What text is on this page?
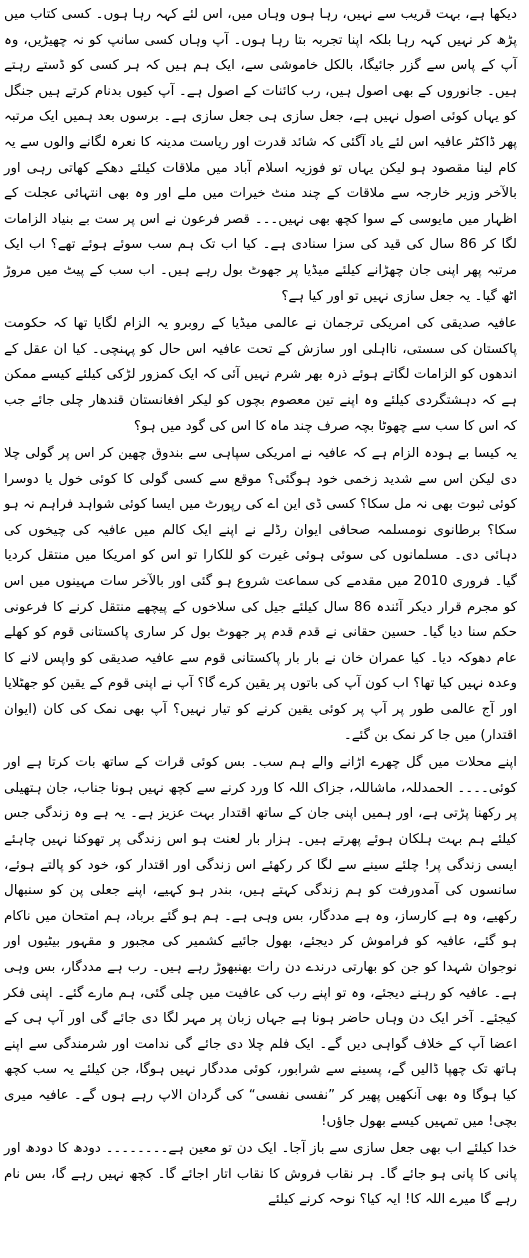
دیکھا ہے، بہت قریب سے نہیں، رہا ہوں وہاں میں، اس لئے کہہ رہا ہوں۔ کسی کتاب میں پڑھ کر نہیں کہہ رہا بلکہ اپنا تجربہ بتا رہا ہوں۔ آپ وہاں کسی سانپ کو نہ چھیڑیں، وہ آپ کے پاس سے گزر جائیگا، بالکل خاموشی سے، ایک ہم ہیں کہ ہر کسی کو ڈستے رہتے ہیں۔ جانوروں کے بھی اصول ہیں، رب کائنات کے اصول ہے۔ آپ کیوں بدنام کرتے ہیں جنگل کو یہاں کوئی اصول نہیں ہے، جعل سازی ہی جعل سازی ہے۔ برسوں بعد ہمیں ایک مرتبہ پھر ڈاکٹر عافیہ اس لئے یاد آگئی کہ شائد قدرت اور ریاست مدینہ کا نعرہ لگانے والوں سے یہ کام لینا مقصود ہو لیکن یہاں تو فوزیہ اسلام آباد میں ملاقات کیلئے دھکے کھاتی رہی اور بالآخر وزیر خارجہ سے ملاقات کے چند منٹ خیرات میں ملے اور وہ بھی انتہائی عجلت کے اظہار میں مایوسی کے سوا کچھ بھی نہیں۔۔۔ قصر فرعون نے اس پر ست بے بنیاد الزامات لگا کر 86 سال کی قید کی سزا سنادی ہے۔ کیا اب تک ہم سب سوئے ہوئے تھے؟ اب ایک مرتبہ پھر اپنی جان چھڑانے کیلئے میڈیا پر جھوٹ بول رہے ہیں۔ اب سب کے پیٹ میں مروڑ اٹھ گیا۔ یہ جعل سازی نہیں تو اور کیا ہے؟

عافیہ صدیقی کی امریکی ترجمان نے عالمی میڈیا کے روبرو یہ الزام لگایا تھا کہ حکومت پاکستان کی سستی، نااہلی اور سازش کے تحت عافیہ اس حال کو پہنچی۔ کیا ان عقل کے اندھوں کو الزامات لگاتے ہوئے ذرہ بھر شرم نہیں آئی کہ ایک کمزور لڑکی کیلئے کیسے ممکن ہے کہ دہشتگردی کیلئے وہ اپنے تین معصوم بچوں کو لیکر افغانستان قندھار چلی جائے جب کہ اس کا سب سے چھوٹا بچہ صرف چند ماہ کا اس کی گود میں ہو؟

یہ کیسا بے ہودہ الزام ہے کہ عافیہ نے امریکی سپاہی سے بندوق چھین کر اس پر گولی چلا دی لیکن اس سے شدید زخمی خود ہوگئی؟ موقع سے کسی گولی کا کوئی خول یا دوسرا کوئی ثبوت بھی نہ مل سکا؟ کسی ڈی این اے کی رپورٹ میں ایسا کوئی شواہد فراہم نہ ہو سکا؟ برطانوی نومسلمہ صحافی ایوان رڈلے نے اپنے ایک کالم میں عافیہ کی چیخوں کی دہائی دی۔ مسلمانوں کی سوئی ہوئی غیرت کو للکارا تو اس کو امریکا میں منتقل کردیا گیا۔ فروری 2010 میں مقدمے کی سماعت شروع ہو گئی اور بالآخر سات مہینوں میں اس کو مجرم قرار دیکر آئندہ 86 سال کیلئے جیل کی سلاخوں کے پیچھے منتقل کرنے کا فرعونی حکم سنا دیا گیا۔ حسین حقانی نے قدم قدم پر جھوٹ بول کر ساری پاکستانی قوم کو کھلے عام دھوکہ دیا۔ کیا عمران خان نے بار بار پاکستانی قوم سے عافیہ صدیقی کو واپس لانے کا وعدہ نہیں کیا تھا؟ اب کون آپ کی باتوں پر یقین کرے گا؟ آپ نے اپنی قوم کے یقین کو جھٹلایا اور آج عالمی طور پر آپ پر کوئی یقین کرنے کو تیار نہیں؟ آپ بھی نمک کی کان (ایوان اقتدار) میں جا کر نمک بن گئے۔

اپنے محلات میں گل چھرے اڑانے والے ہم سب۔ بس کوئی قرات کے ساتھ بات کرتا ہے اور کوئی۔۔۔۔ الحمدللہ، ماشاللہ، جزاک اللہ کا ورد کرنے سے کچھ نہیں ہونا جناب، جان ہتھیلی پر رکھنا پڑتی ہے، اور ہمیں اپنی جان کے ساتھ اقتدار بہت عزیز ہے۔ یہ ہے وہ زندگی جس کیلئے ہم بہت ہلکان ہوئے پھرتے ہیں۔ ہزار بار لعنت ہو اس زندگی پر تھوکنا نہیں چاہئے ایسی زندگی پر! چلئے سینے سے لگا کر رکھئے اس زندگی اور اقتدار کو، خود کو پالتے ہوئے، سانسوں کی آمدورفت کو ہم زندگی کہتے ہیں، بندر ہو کہیے، اپنے جعلی پن کو سنبھال رکھیے، وہ ہے کارساز، وہ ہے مددگار، بس وہی ہے۔ ہم ہو گئے برباد، ہم امتحان میں ناکام ہو گئے، عافیہ کو فراموش کر دیجئے، بھول جائیے کشمیر کی مجبور و مقہور بیٹیوں اور نوجوان شہدا کو جن کو بھارتی درندے دن رات بھنبھوڑ رہے ہیں۔ رب ہے مددگار، بس وہی ہے۔ عافیہ کو رہنے دیجئے، وہ تو اپنے رب کی عافیت میں چلی گئی، ہم مارے گئے۔ اپنی فکر کیجئے۔ آخر ایک دن وہاں حاضر ہونا ہے جہاں زبان پر مہر لگا دی جائے گی اور آپ ہی کے اعضا آپ کے خلاف گواہی دیں گے۔ ایک فلم چلا دی جائے گی ندامت اور شرمندگی سے اپنے ہاتھ تک چھپا ڈالیں گے، پسینے سے شرابور، کوئی مددگار نہیں ہوگا، جن کیلئے یہ سب کچھ کیا ہوگا وہ بھی آنکھیں پھیر کر ”نفسی نفسی“ کی گردان الاپ رہے ہوں گے۔ عافیہ میری بچی! میں تمہیں کیسے بھول جاؤں!

خدا کیلئے اب بھی جعل سازی سے باز آجا۔ ایک دن تو معین ہے۔۔۔۔۔۔۔۔ دودھ کا دودھ اور پانی کا پانی ہو جائے گا۔ ہر نقاب فروش کا نقاب اتار اجائے گا۔ کچھ نہیں رہے گا، بس نام رہے گا میرے اللہ کا! ایہ کیا؟ نوحہ کرنے کیلئے
